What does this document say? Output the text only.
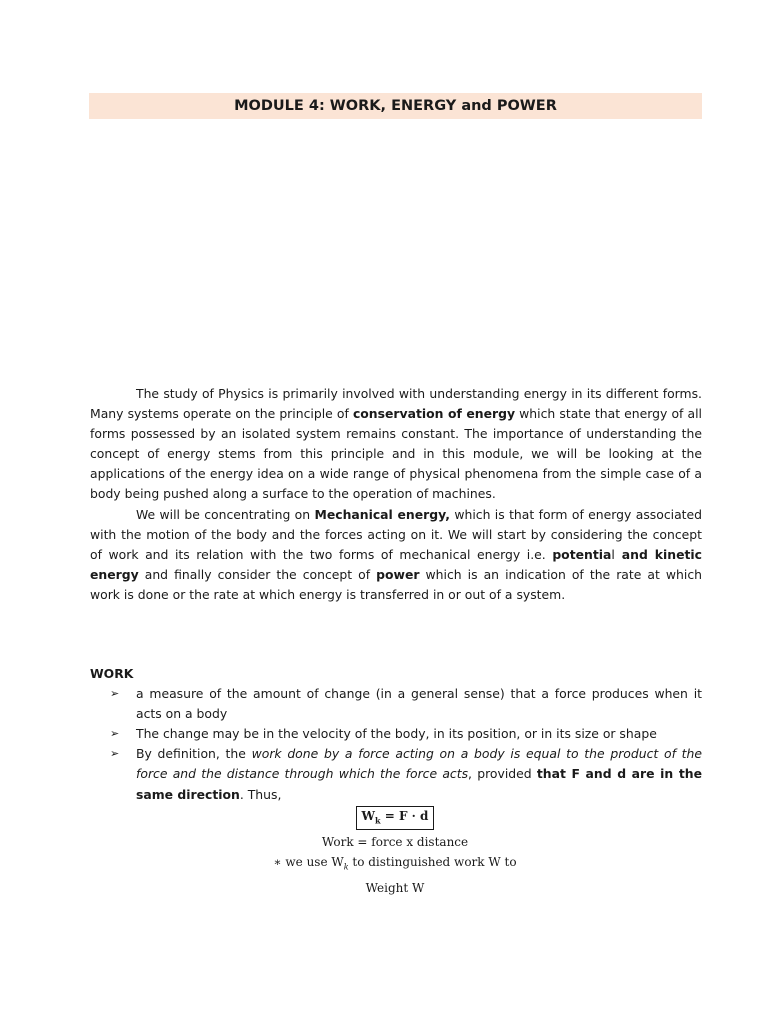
MODULE 4: WORK, ENERGY and POWER

The study of Physics is primarily involved with understanding energy in its different forms. Many systems operate on the principle of conservation of energy which state that energy of all forms possessed by an isolated system remains constant. The importance of understanding the concept of energy stems from this principle and in this module, we will be looking at the applications of the energy idea on a wide range of physical phenomena from the simple case of a body being pushed along a surface to the operation of machines.

We will be concentrating on Mechanical energy, which is that form of energy associated with the motion of the body and the forces acting on it. We will start by considering the concept of work and its relation with the two forms of mechanical energy i.e. potential and kinetic energy and finally consider the concept of power which is an indication of the rate at which work is done or the rate at which energy is transferred in or out of a system.

WORK
➢ a measure of the amount of change (in a general sense) that a force produces when it acts on a body
➢ The change may be in the velocity of the body, in its position, or in its size or shape
➢ By definition, the work done by a force acting on a body is equal to the product of the force and the distance through which the force acts, provided that F and d are in the same direction. Thus,
$W_k = F \cdot d$
Work = force x distance
∗ we use $W_k$ to distinguished work W to Weight W
